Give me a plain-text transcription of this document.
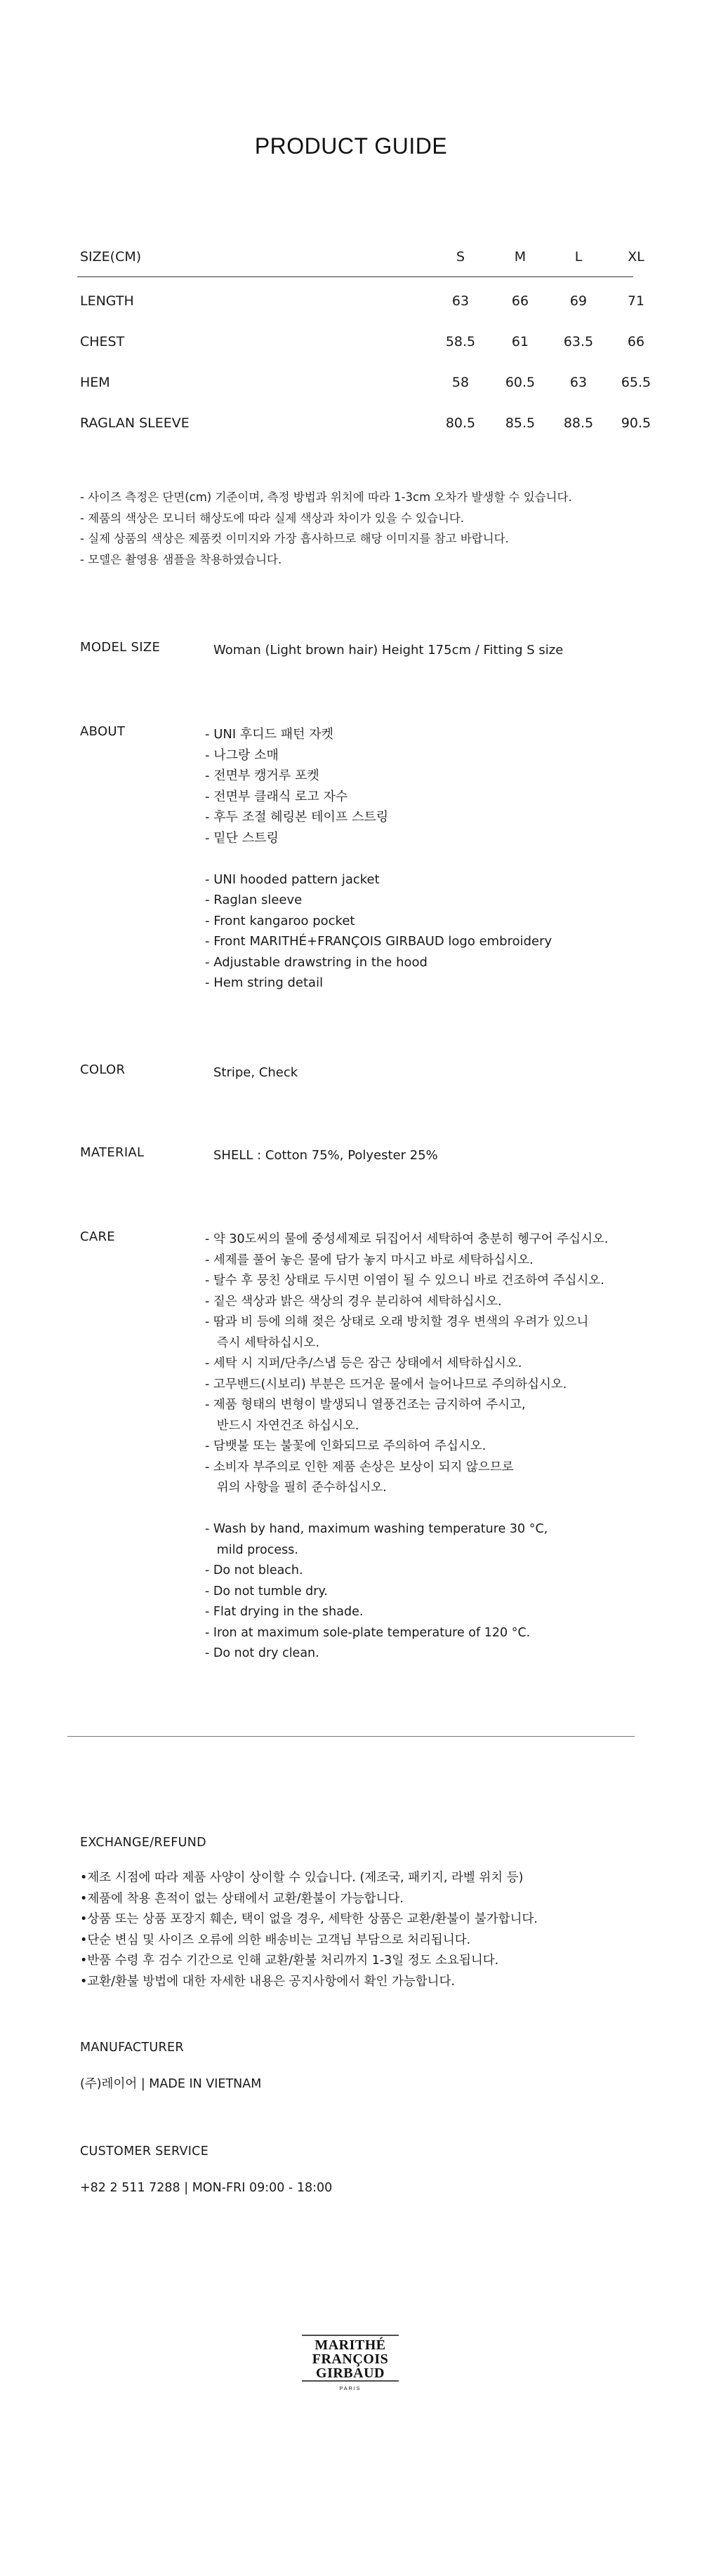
PRODUCT GUIDE
SIZE(CM)	S	M	L	XL
LENGTH	63	66	69	71
CHEST	58.5	61	63.5	66
HEM	58	60.5	63	65.5
RAGLAN SLEEVE	80.5	85.5	88.5	90.5
- 사이즈 측정은 단면(cm) 기준이며, 측정 방법과 위치에 따라 1-3cm 오차가 발생할 수 있습니다.
- 제품의 색상은 모니터 해상도에 따라 실제 색상과 차이가 있을 수 있습니다.
- 실제 상품의 색상은 제품컷 이미지와 가장 흡사하므로 해당 이미지를 참고 바랍니다.
- 모델은 촬영용 샘플을 착용하였습니다.
MODEL SIZE	Woman (Light brown hair) Height 175cm / Fitting S size
ABOUT	- UNI 후디드 패턴 자켓
- 나그랑 소매
- 전면부 캥거루 포켓
- 전면부 클래식 로고 자수
- 후두 조절 헤링본 테이프 스트링
- 밑단 스트링
- UNI hooded pattern jacket
- Raglan sleeve
- Front kangaroo pocket
- Front MARITHÉ+FRANÇOIS GIRBAUD logo embroidery
- Adjustable drawstring in the hood
- Hem string detail
COLOR	Stripe, Check
MATERIAL	SHELL : Cotton 75%, Polyester 25%
CARE	- 약 30도씨의 물에 중성세제로 뒤집어서 세탁하여 충분히 헹구어 주십시오.
- 세제를 풀어 놓은 물에 담가 놓지 마시고 바로 세탁하십시오.
- 탈수 후 뭉친 상태로 두시면 이염이 될 수 있으니 바로 건조하여 주십시오.
- 짙은 색상과 밝은 색상의 경우 분리하여 세탁하십시오.
- 땀과 비 등에 의해 젖은 상태로 오래 방치할 경우 변색의 우려가 있으니
즉시 세탁하십시오.
- 세탁 시 지퍼/단추/스냅 등은 잠근 상태에서 세탁하십시오.
- 고무밴드(시보리) 부분은 뜨거운 물에서 늘어나므로 주의하십시오.
- 제품 형태의 변형이 발생되니 열풍건조는 금지하여 주시고,
반드시 자연건조 하십시오.
- 담뱃불 또는 불꽃에 인화되므로 주의하여 주십시오.
- 소비자 부주의로 인한 제품 손상은 보상이 되지 않으므로
위의 사항을 필히 준수하십시오.
- Wash by hand, maximum washing temperature 30 °C,
mild process.
- Do not bleach.
- Do not tumble dry.
- Flat drying in the shade.
- Iron at maximum sole-plate temperature of 120 °C.
- Do not dry clean.
EXCHANGE/REFUND
•제조 시점에 따라 제품 사양이 상이할 수 있습니다. (제조국, 패키지, 라벨 위치 등)
•제품에 착용 흔적이 없는 상태에서 교환/환불이 가능합니다.
•상품 또는 상품 포장지 훼손, 택이 없을 경우, 세탁한 상품은 교환/환불이 불가합니다.
•단순 변심 및 사이즈 오류에 의한 배송비는 고객님 부담으로 처리됩니다.
•반품 수령 후 검수 기간으로 인해 교환/환불 처리까지 1-3일 정도 소요됩니다.
•교환/환불 방법에 대한 자세한 내용은 공지사항에서 확인 가능합니다.
MANUFACTURER
(주)레이어 | MADE IN VIETNAM
CUSTOMER SERVICE
+82 2 511 7288 | MON-FRI 09:00 - 18:00
MARITHÉ
FRANÇOIS
GIRBAUD
PARIS
